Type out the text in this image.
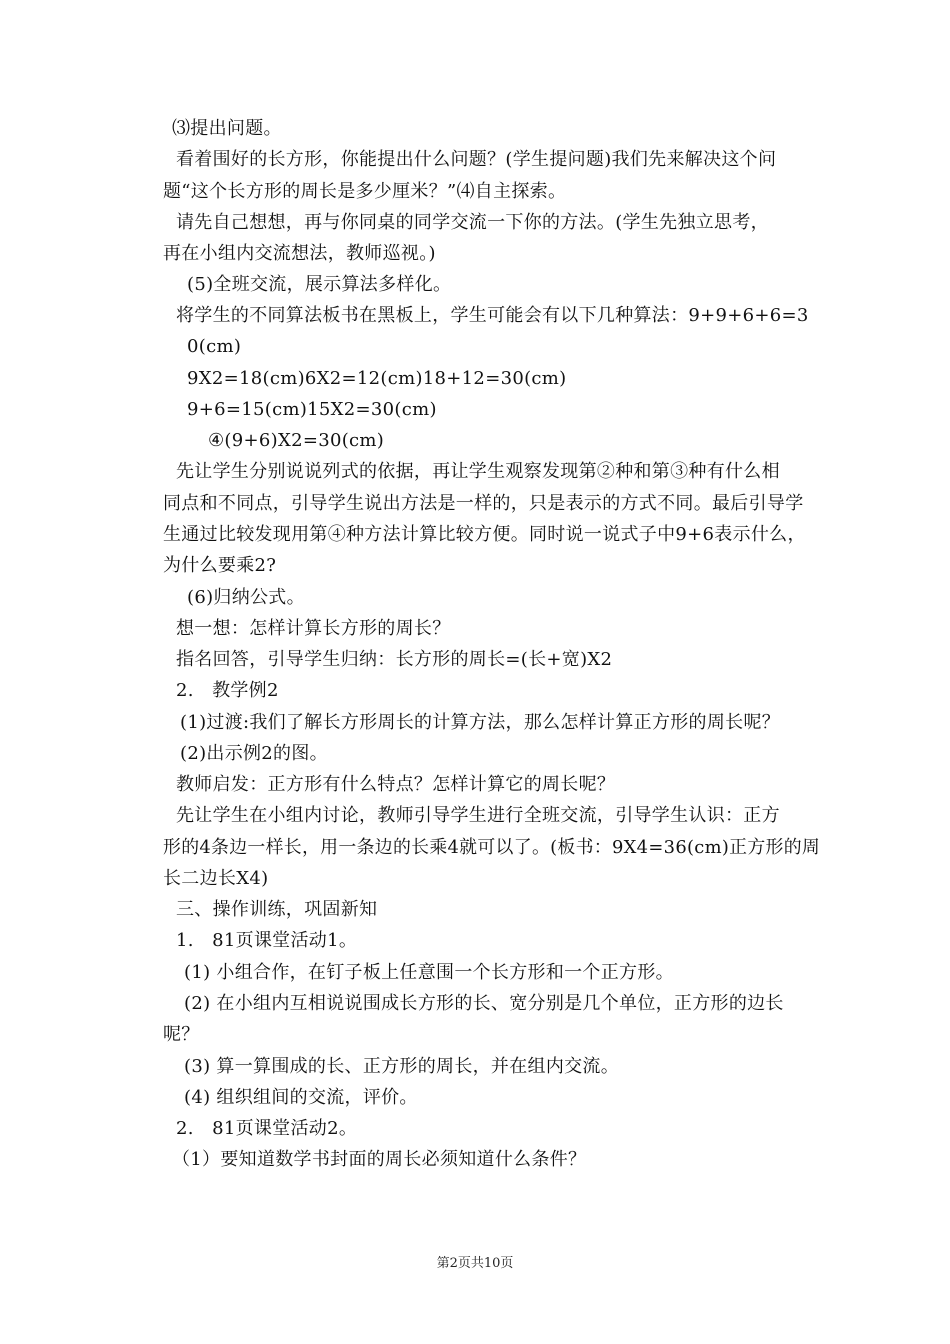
⑶提出问题。
看着围好的长方形，你能提出什么问题？(学生提问题)我们先来解决这个问
题“这个长方形的周长是多少厘米？”⑷自主探索。
请先自己想想，再与你同桌的同学交流一下你的方法。(学生先独立思考，
再在小组内交流想法，教师巡视。)
(5)全班交流，展示算法多样化。
将学生的不同算法板书在黑板上，学生可能会有以下几种算法：9+9+6+6=3
0(cm)
9X2=18(cm)6X2=12(cm)18+12=30(cm)
9+6=15(cm)15X2=30(cm)
④(9+6)X2=30(cm)
先让学生分别说说列式的依据，再让学生观察发现第②种和第③种有什么相
同点和不同点，引导学生说出方法是一样的，只是表示的方式不同。最后引导学
生通过比较发现用第④种方法计算比较方便。同时说一说式子中9+6表示什么，
为什么要乘2?
(6)归纳公式。
想一想：怎样计算长方形的周长？
指名回答，引导学生归纳：长方形的周长=(长+宽)X2
2.　教学例2
(1)过渡:我们了解长方形周长的计算方法，那么怎样计算正方形的周长呢？
(2)出示例2的图。
教师启发：正方形有什么特点？怎样计算它的周长呢？
先让学生在小组内讨论，教师引导学生进行全班交流，引导学生认识：正方
形的4条边一样长，用一条边的长乘4就可以了。(板书：9X4=36(cm)正方形的周
长二边长X4)
三、操作训练，巩固新知
1.　81页课堂活动1。
(1) 小组合作，在钉子板上任意围一个长方形和一个正方形。
(2) 在小组内互相说说围成长方形的长、宽分别是几个单位，正方形的边长
呢？
(3) 算一算围成的长、正方形的周长，并在组内交流。
(4) 组织组间的交流，评价。
2.　81页课堂活动2。
（1）要知道数学书封面的周长必须知道什么条件？
第2页共10页
